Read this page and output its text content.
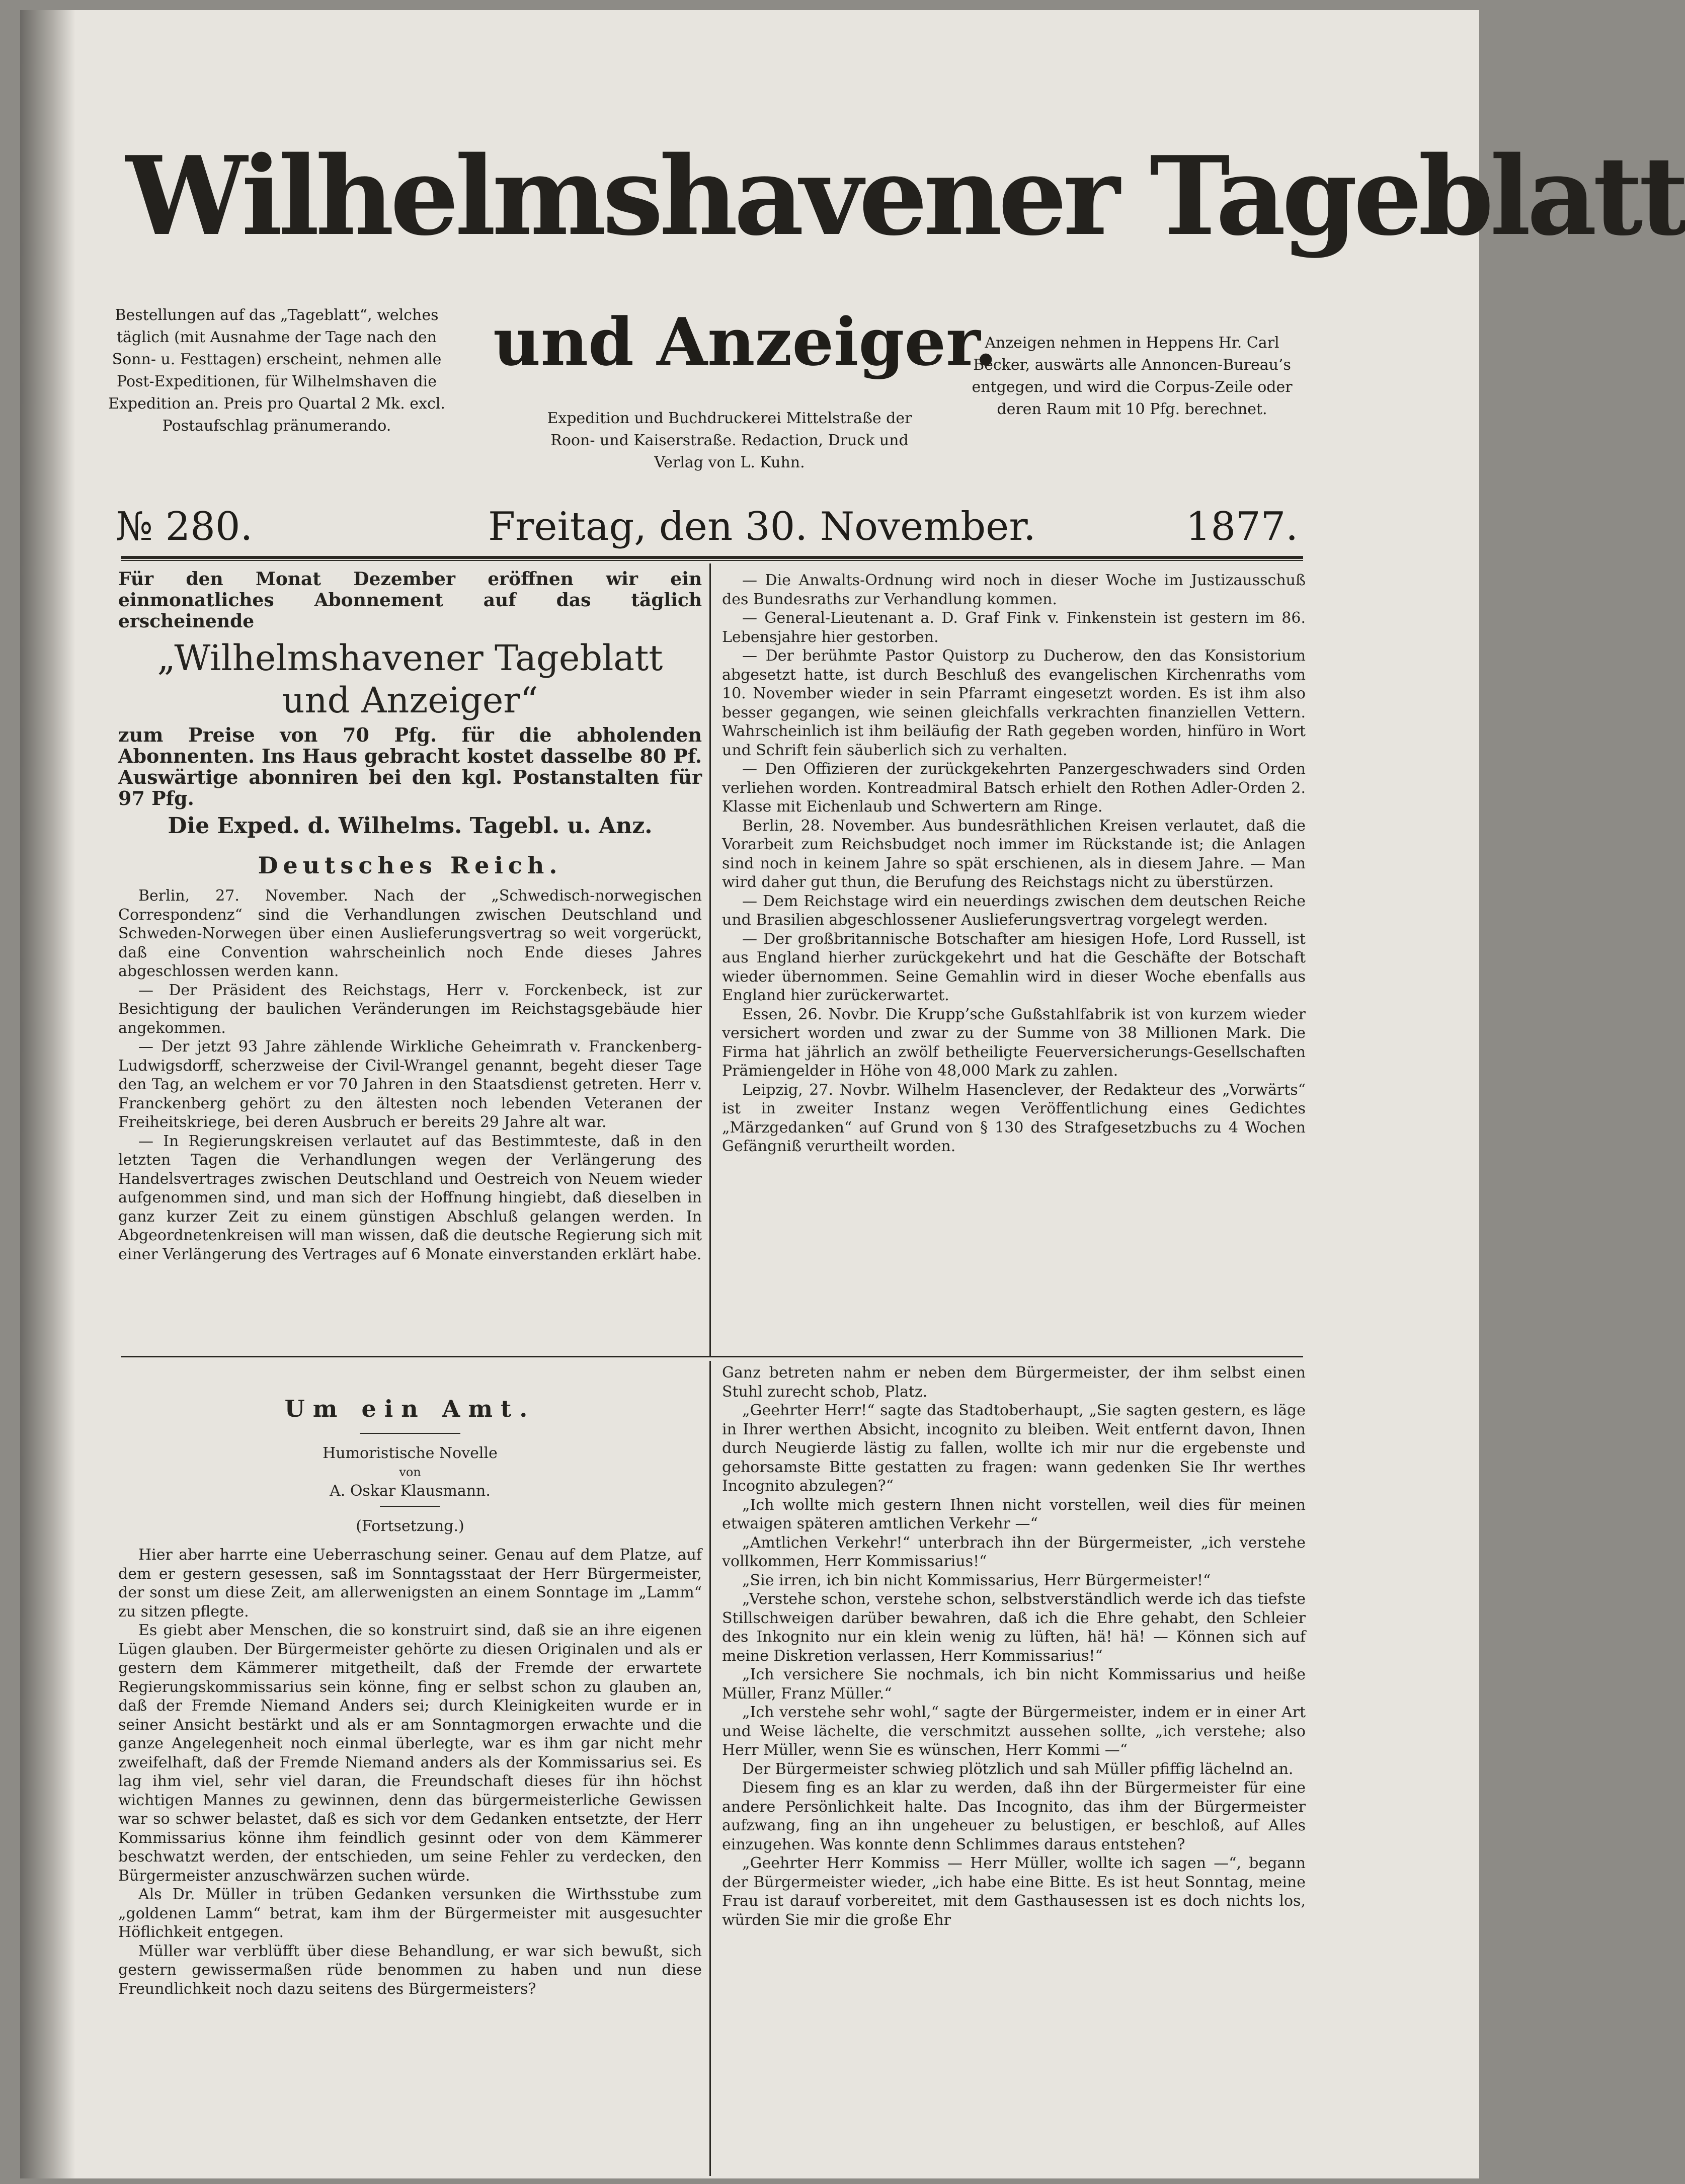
Wilhelmshavener Tageblatt
und Anzeiger.
Bestellungen auf das „Tageblatt“, welches täglich (mit Ausnahme der Tage nach den Sonn- u. Festtagen) erscheint, nehmen alle Post-Expeditionen, für Wilhelmshaven die Expedition an. Preis pro Quartal 2 Mk. excl. Postaufschlag pränumerando.
Anzeigen nehmen in Heppens Hr. Carl Becker, auswärts alle Annoncen-Bureau’s entgegen, und wird die Corpus-Zeile oder deren Raum mit 10 Pfg. berechnet.
Expedition und Buchdruckerei Mittelstraße der Roon- und Kaiserstraße. Redaction, Druck und Verlag von L. Kuhn.
№ 280.	Freitag, den 30. November.	1877.

Für den Monat Dezember eröffnen wir ein einmonatliches Abonnement auf das täglich erscheinende

„Wilhelmshavener Tageblatt und Anzeiger“

zum Preise von 70 Pfg. für die abholenden Abonnenten. Ins Haus gebracht kostet dasselbe 80 Pf. Auswärtige abonniren bei den kgl. Postanstalten für 97 Pfg.

Die Exped. d. Wilhelms. Tagebl. u. Anz.

Deutsches Reich.

Berlin, 27. November. Nach der „Schwedisch-norwegischen Correspondenz“ sind die Verhandlungen zwischen Deutschland und Schweden-Norwegen über einen Auslieferungsvertrag so weit vorgerückt, daß eine Convention wahrscheinlich noch Ende dieses Jahres abgeschlossen werden kann.

— Der Präsident des Reichstags, Herr v. Forckenbeck, ist zur Besichtigung der baulichen Veränderungen im Reichstagsgebäude hier angekommen.

— Der jetzt 93 Jahre zählende Wirkliche Geheimrath v. Franckenberg-Ludwigsdorff, scherzweise der Civil-Wrangel genannt, begeht dieser Tage den Tag, an welchem er vor 70 Jahren in den Staatsdienst getreten. Herr v. Franckenberg gehört zu den ältesten noch lebenden Veteranen der Freiheitskriege, bei deren Ausbruch er bereits 29 Jahre alt war.

— In Regierungskreisen verlautet auf das Bestimmteste, daß in den letzten Tagen die Verhandlungen wegen der Verlängerung des Handelsvertrages zwischen Deutschland und Oestreich von Neuem wieder aufgenommen sind, und man sich der Hoffnung hingiebt, daß dieselben in ganz kurzer Zeit zu einem günstigen Abschluß gelangen werden. In Abgeordnetenkreisen will man wissen, daß die deutsche Regierung sich mit einer Verlängerung des Vertrages auf 6 Monate einverstanden erklärt habe.

— Die Anwalts-Ordnung wird noch in dieser Woche im Justizausschuß des Bundesraths zur Verhandlung kommen.

— General-Lieutenant a. D. Graf Fink v. Finkenstein ist gestern im 86. Lebensjahre hier gestorben.

— Der berühmte Pastor Quistorp zu Ducherow, den das Konsistorium abgesetzt hatte, ist durch Beschluß des evangelischen Kirchenraths vom 10. November wieder in sein Pfarramt eingesetzt worden. Es ist ihm also besser gegangen, wie seinen gleichfalls verkrachten finanziellen Vettern. Wahrscheinlich ist ihm beiläufig der Rath gegeben worden, hinfüro in Wort und Schrift fein säuberlich sich zu verhalten.

— Den Offizieren der zurückgekehrten Panzergeschwaders sind Orden verliehen worden. Kontreadmiral Batsch erhielt den Rothen Adler-Orden 2. Klasse mit Eichenlaub und Schwertern am Ringe.

Berlin, 28. November. Aus bundesräthlichen Kreisen verlautet, daß die Vorarbeit zum Reichsbudget noch immer im Rückstande ist; die Anlagen sind noch in keinem Jahre so spät erschienen, als in diesem Jahre. — Man wird daher gut thun, die Berufung des Reichstags nicht zu überstürzen.

— Dem Reichstage wird ein neuerdings zwischen dem deutschen Reiche und Brasilien abgeschlossener Auslieferungsvertrag vorgelegt werden.

— Der großbritannische Botschafter am hiesigen Hofe, Lord Russell, ist aus England hierher zurückgekehrt und hat die Geschäfte der Botschaft wieder übernommen. Seine Gemahlin wird in dieser Woche ebenfalls aus England hier zurückerwartet.

Essen, 26. Novbr. Die Krupp’sche Gußstahlfabrik ist von kurzem wieder versichert worden und zwar zu der Summe von 38 Millionen Mark. Die Firma hat jährlich an zwölf betheiligte Feuerversicherungs-Gesellschaften Prämiengelder in Höhe von 48,000 Mark zu zahlen.

Leipzig, 27. Novbr. Wilhelm Hasenclever, der Redakteur des „Vorwärts“ ist in zweiter Instanz wegen Veröffentlichung eines Gedichtes „Märzgedanken“ auf Grund von § 130 des Strafgesetzbuchs zu 4 Wochen Gefängniß verurtheilt worden.

Um ein Amt.

Humoristische Novelle

von

A. Oskar Klausmann.

(Fortsetzung.)

Hier aber harrte eine Ueberraschung seiner. Genau auf dem Platze, auf dem er gestern gesessen, saß im Sonntagsstaat der Herr Bürgermeister, der sonst um diese Zeit, am allerwenigsten an einem Sonntage im „Lamm“ zu sitzen pflegte.

Es giebt aber Menschen, die so konstruirt sind, daß sie an ihre eigenen Lügen glauben. Der Bürgermeister gehörte zu diesen Originalen und als er gestern dem Kämmerer mitgetheilt, daß der Fremde der erwartete Regierungskommissarius sein könne, fing er selbst schon zu glauben an, daß der Fremde Niemand Anders sei; durch Kleinigkeiten wurde er in seiner Ansicht bestärkt und als er am Sonntagmorgen erwachte und die ganze Angelegenheit noch einmal überlegte, war es ihm gar nicht mehr zweifelhaft, daß der Fremde Niemand anders als der Kommissarius sei. Es lag ihm viel, sehr viel daran, die Freundschaft dieses für ihn höchst wichtigen Mannes zu gewinnen, denn das bürgermeisterliche Gewissen war so schwer belastet, daß es sich vor dem Gedanken entsetzte, der Herr Kommissarius könne ihm feindlich gesinnt oder von dem Kämmerer beschwatzt werden, der entschieden, um seine Fehler zu verdecken, den Bürgermeister anzuschwärzen suchen würde.

Als Dr. Müller in trüben Gedanken versunken die Wirthsstube zum „goldenen Lamm“ betrat, kam ihm der Bürgermeister mit ausgesuchter Höflichkeit entgegen.

Müller war verblüfft über diese Behandlung, er war sich bewußt, sich gestern gewissermaßen rüde benommen zu haben und nun diese Freundlichkeit noch dazu seitens des Bürgermeisters?

Ganz betreten nahm er neben dem Bürgermeister, der ihm selbst einen Stuhl zurecht schob, Platz.

„Geehrter Herr!“ sagte das Stadtoberhaupt, „Sie sagten gestern, es läge in Ihrer werthen Absicht, incognito zu bleiben. Weit entfernt davon, Ihnen durch Neugierde lästig zu fallen, wollte ich mir nur die ergebenste und gehorsamste Bitte gestatten zu fragen: wann gedenken Sie Ihr werthes Incognito abzulegen?“

„Ich wollte mich gestern Ihnen nicht vorstellen, weil dies für meinen etwaigen späteren amtlichen Verkehr —“

„Amtlichen Verkehr!“ unterbrach ihn der Bürgermeister, „ich verstehe vollkommen, Herr Kommissarius!“

„Sie irren, ich bin nicht Kommissarius, Herr Bürgermeister!“

„Verstehe schon, verstehe schon, selbstverständlich werde ich das tiefste Stillschweigen darüber bewahren, daß ich die Ehre gehabt, den Schleier des Inkognito nur ein klein wenig zu lüften, hä! hä! — Können sich auf meine Diskretion verlassen, Herr Kommissarius!“

„Ich versichere Sie nochmals, ich bin nicht Kommissarius und heiße Müller, Franz Müller.“

„Ich verstehe sehr wohl,“ sagte der Bürgermeister, indem er in einer Art und Weise lächelte, die verschmitzt aussehen sollte, „ich verstehe; also Herr Müller, wenn Sie es wünschen, Herr Kommi —“

Der Bürgermeister schwieg plötzlich und sah Müller pfiffig lächelnd an.

Diesem fing es an klar zu werden, daß ihn der Bürgermeister für eine andere Persönlichkeit halte. Das Incognito, das ihm der Bürgermeister aufzwang, fing an ihn ungeheuer zu belustigen, er beschloß, auf Alles einzugehen. Was konnte denn Schlimmes daraus entstehen?

„Geehrter Herr Kommiss — Herr Müller, wollte ich sagen —“, begann der Bürgermeister wieder, „ich habe eine Bitte. Es ist heut Sonntag, meine Frau ist darauf vorbereitet, mit dem Gasthausessen ist es doch nichts los, würden Sie mir die große Ehr
